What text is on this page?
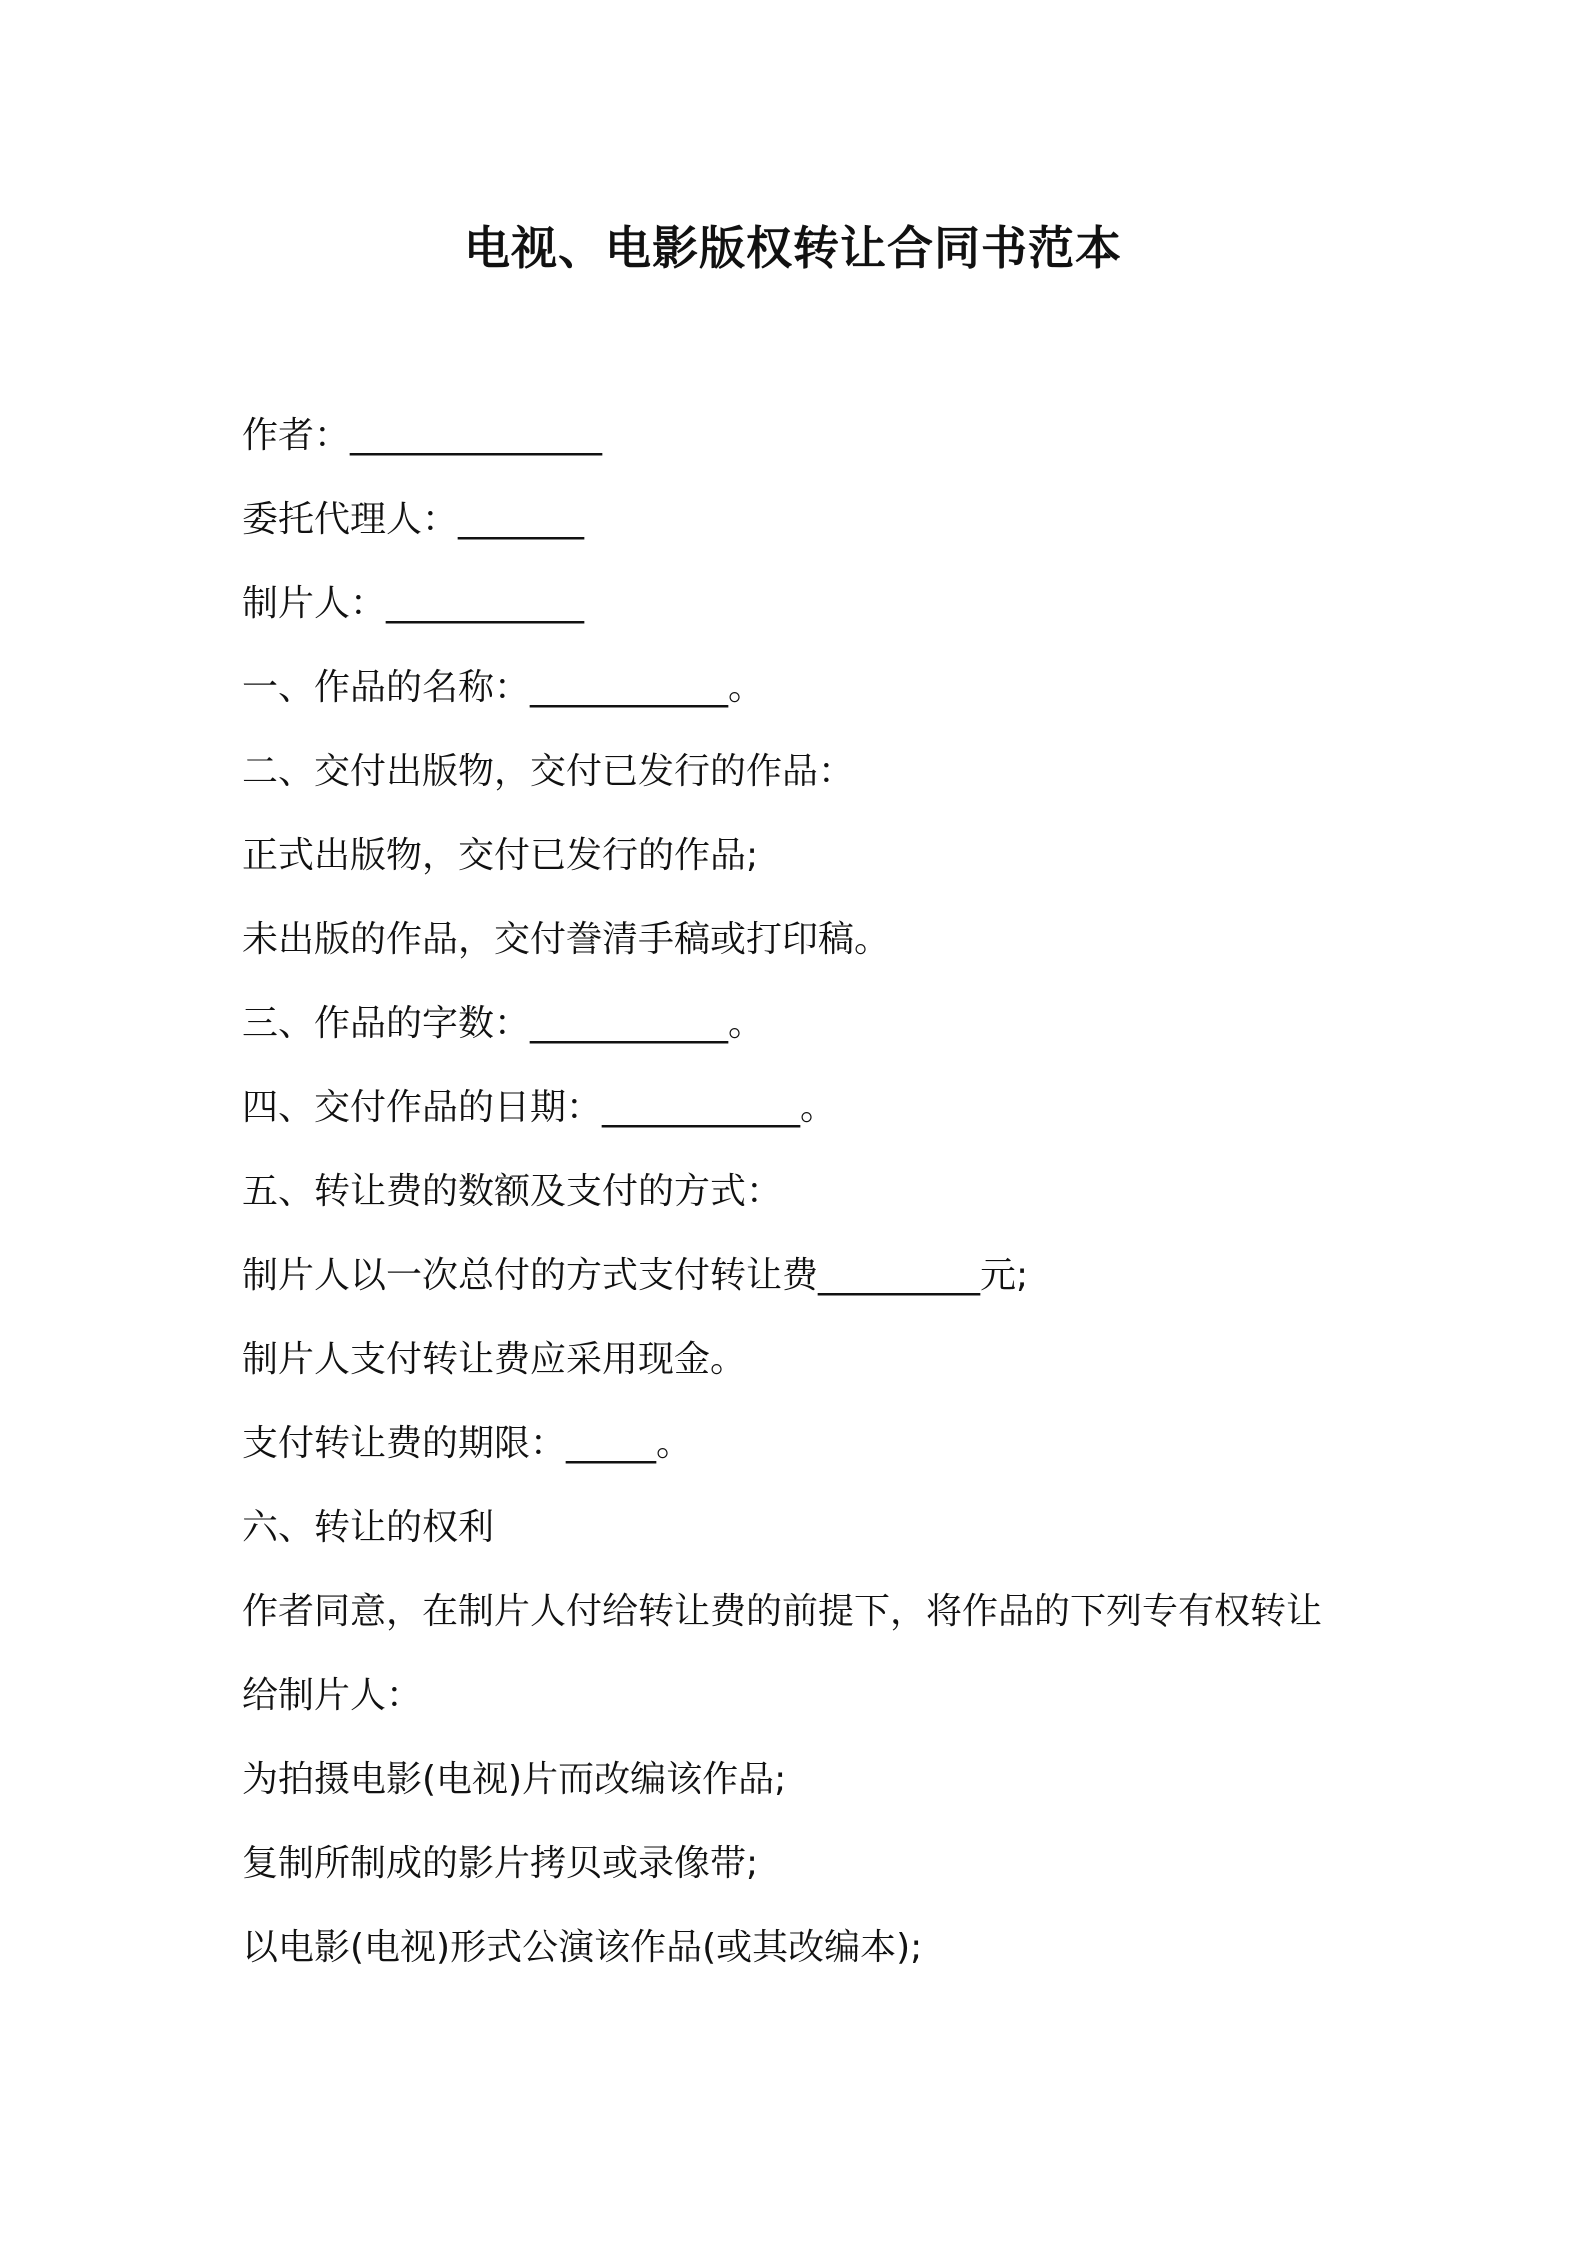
电视、电影版权转让合同书范本
作者：______________
委托代理人：_______
制片人：___________
一、作品的名称：___________。
二、交付出版物，交付已发行的作品：
正式出版物，交付已发行的作品;
未出版的作品，交付誊清手稿或打印稿。
三、作品的字数：___________。
四、交付作品的日期：___________。
五、转让费的数额及支付的方式：
制片人以一次总付的方式支付转让费_________元;
制片人支付转让费应采用现金。
支付转让费的期限：_____。
六、转让的权利
作者同意，在制片人付给转让费的前提下，将作品的下列专有权转让
给制片人：
为拍摄电影(电视)片而改编该作品;
复制所制成的影片拷贝或录像带;
以电影(电视)形式公演该作品(或其改编本);
